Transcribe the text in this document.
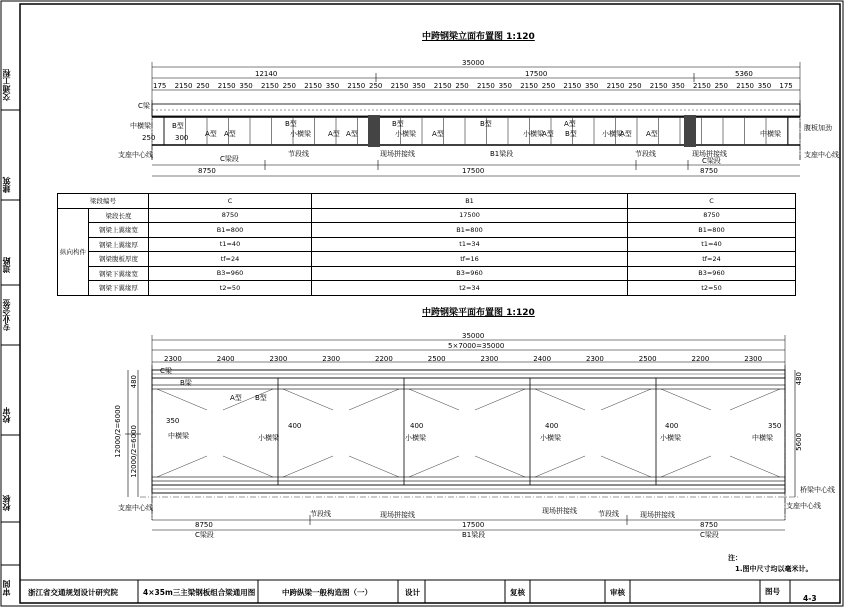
交通工程
建筑
道路
专业会签
校审
校核
审阅
中跨钢梁立面布置图 1:120
35000
12140	17500	5360
175 2150 250 2150 350 2150 250 2150 350 2150 250 2150 350 2150 250 2150 350 2150 250 2150 350 2150 250 2150 350 2150 250 2150 350 175
C梁
中横梁
250
B型
300 A型 A型
B型
小横梁 A型 A型
B型
小横梁 A型
B型
小横梁
A型
A型
B型	小横梁
A型 A型	中横梁
支座中心线	C梁段
节段线	现场拼接线	B1梁段	节段线	现场拼接线
C梁段
支座中心线
腹板加劲
8750	17500	8750
梁段编号		C	B1	C
纵向构件	梁段长度	8750	17500	8750
	钢梁上翼缘宽	B1=800	B1=800	B1=800
	钢梁上翼缘厚	t1=40	t1=34	t1=40
	钢梁腹板厚度	tf=24	tf=16	tf=24
	钢梁下翼缘宽	B3=960	B3=960	B3=960
	钢梁下翼缘厚	t2=50	t2=34	t2=50
中跨钢梁平面布置图 1:120
35000
5×7000=35000
2300	2400	2300	2300	2200	2500	2300	2400	2300	2500	2200	2300
12000/2=6000 12000/2=6000
480	480
5600
C梁
B梁
350
中横梁
400
小横梁
400
小横梁
400
小横梁
400
小横梁
350
中横梁
A型 B型
支座中心线
现场拼接线	现场拼接线
节段线	节段线
现场拼接线
支座中心线
桥梁中心线
8750	17500	8750
C梁段	B1梁段	C梁段
注：
1.图中尺寸均以毫米计。
浙江省交通规划设计研究院	4×35m三主梁钢板组合梁通用图	中跨纵梁一般构造图（一）	设计	复核	审核	图号
4-3
